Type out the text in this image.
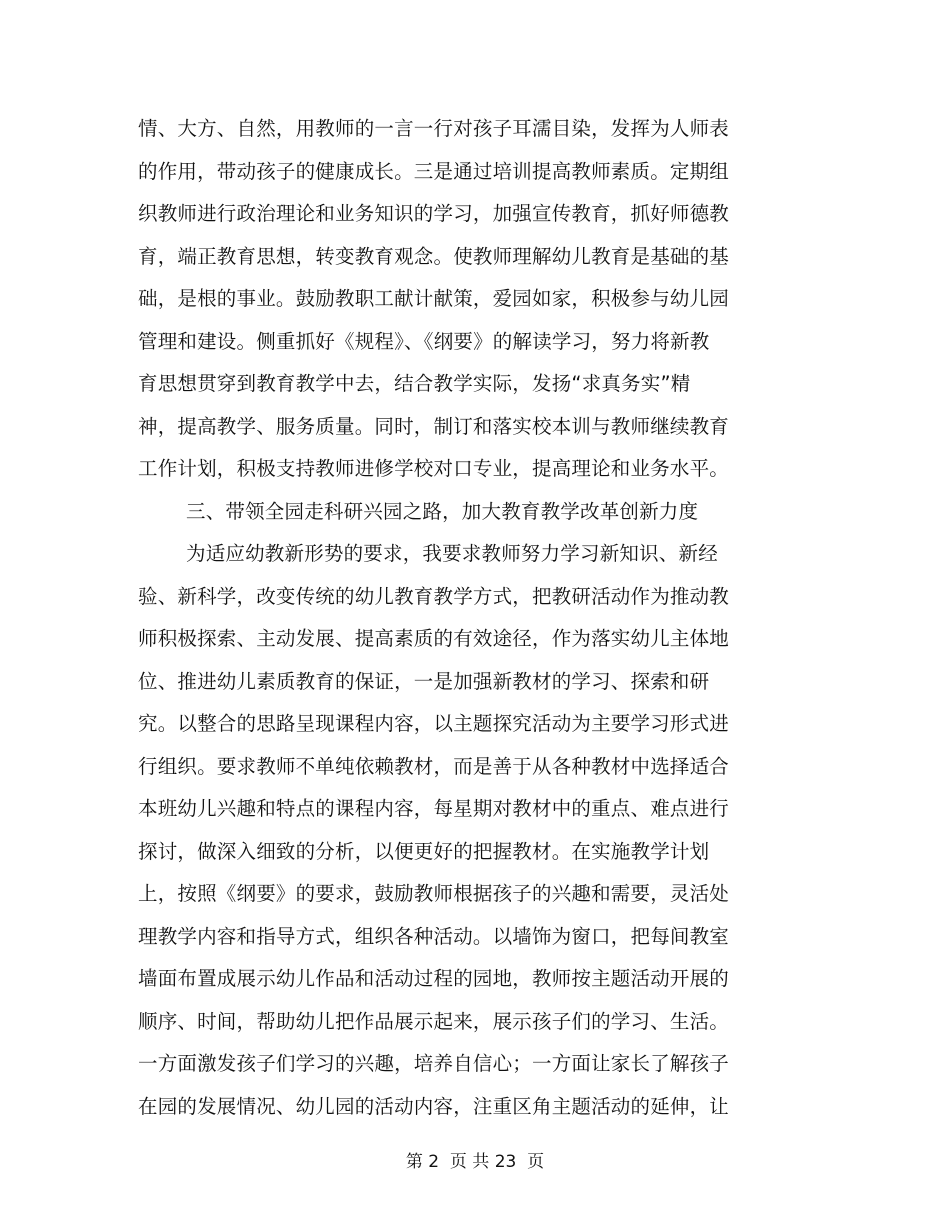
情、大方、自然，用教师的一言一行对孩子耳濡目染，发挥为人师表
的作用，带动孩子的健康成长。三是通过培训提高教师素质。定期组
织教师进行政治理论和业务知识的学习，加强宣传教育，抓好师德教
育，端正教育思想，转变教育观念。使教师理解幼儿教育是基础的基
础，是根的事业。鼓励教职工献计献策，爱园如家，积极参与幼儿园
管理和建设。侧重抓好《规程》、《纲要》的解读学习，努力将新教
育思想贯穿到教育教学中去，结合教学实际，发扬“求真务实”精
神，提高教学、服务质量。同时，制订和落实校本训与教师继续教育
工作计划，积极支持教师进修学校对口专业，提高理论和业务水平。
三、带领全园走科研兴园之路，加大教育教学改革创新力度
为适应幼教新形势的要求，我要求教师努力学习新知识、新经
验、新科学，改变传统的幼儿教育教学方式，把教研活动作为推动教
师积极探索、主动发展、提高素质的有效途径，作为落实幼儿主体地
位、推进幼儿素质教育的保证，一是加强新教材的学习、探索和研
究。以整合的思路呈现课程内容，以主题探究活动为主要学习形式进
行组织。要求教师不单纯依赖教材，而是善于从各种教材中选择适合
本班幼儿兴趣和特点的课程内容，每星期对教材中的重点、难点进行
探讨，做深入细致的分析，以便更好的把握教材。在实施教学计划
上，按照《纲要》的要求，鼓励教师根据孩子的兴趣和需要，灵活处
理教学内容和指导方式，组织各种活动。以墙饰为窗口，把每间教室
墙面布置成展示幼儿作品和活动过程的园地，教师按主题活动开展的
顺序、时间，帮助幼儿把作品展示起来，展示孩子们的学习、生活。
一方面激发孩子们学习的兴趣，培养自信心；一方面让家长了解孩子
在园的发展情况、幼儿园的活动内容，注重区角主题活动的延伸，让
第 2  页 共 23  页
